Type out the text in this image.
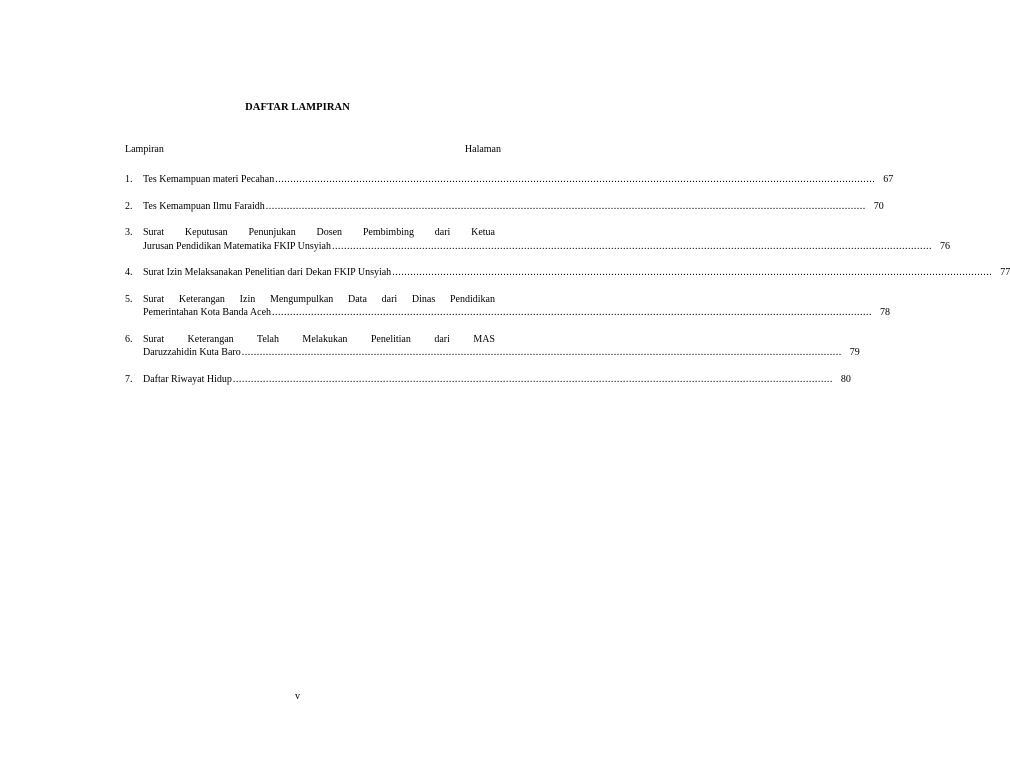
DAFTAR LAMPIRAN
Lampiran	Halaman
1.	Tes Kemampuan materi Pecahan ........................................................................................................................................................................................................ 67
2.	Tes Kemampuan Ilmu Faraidh ........................................................................................................................................................................................................ 70
3.	Surat Keputusan Penunjukan Dosen Pembimbing dari Ketua
Jurusan Pendidikan Matematika FKIP Unsyiah ........................................................................................................................................................................................................ 76
4.	Surat Izin Melaksanakan Penelitian dari Dekan FKIP Unsyiah ........................................................................................................................................................................................................ 77
5.	Surat Keterangan Izin Mengumpulkan Data dari Dinas Pendidikan
Pemerintahan Kota Banda Aceh ........................................................................................................................................................................................................ 78
6.	Surat Keterangan Telah Melakukan Penelitian dari MAS
Daruzzahidin Kuta Baro ........................................................................................................................................................................................................ 79
7.	Daftar Riwayat Hidup ........................................................................................................................................................................................................ 80
v
